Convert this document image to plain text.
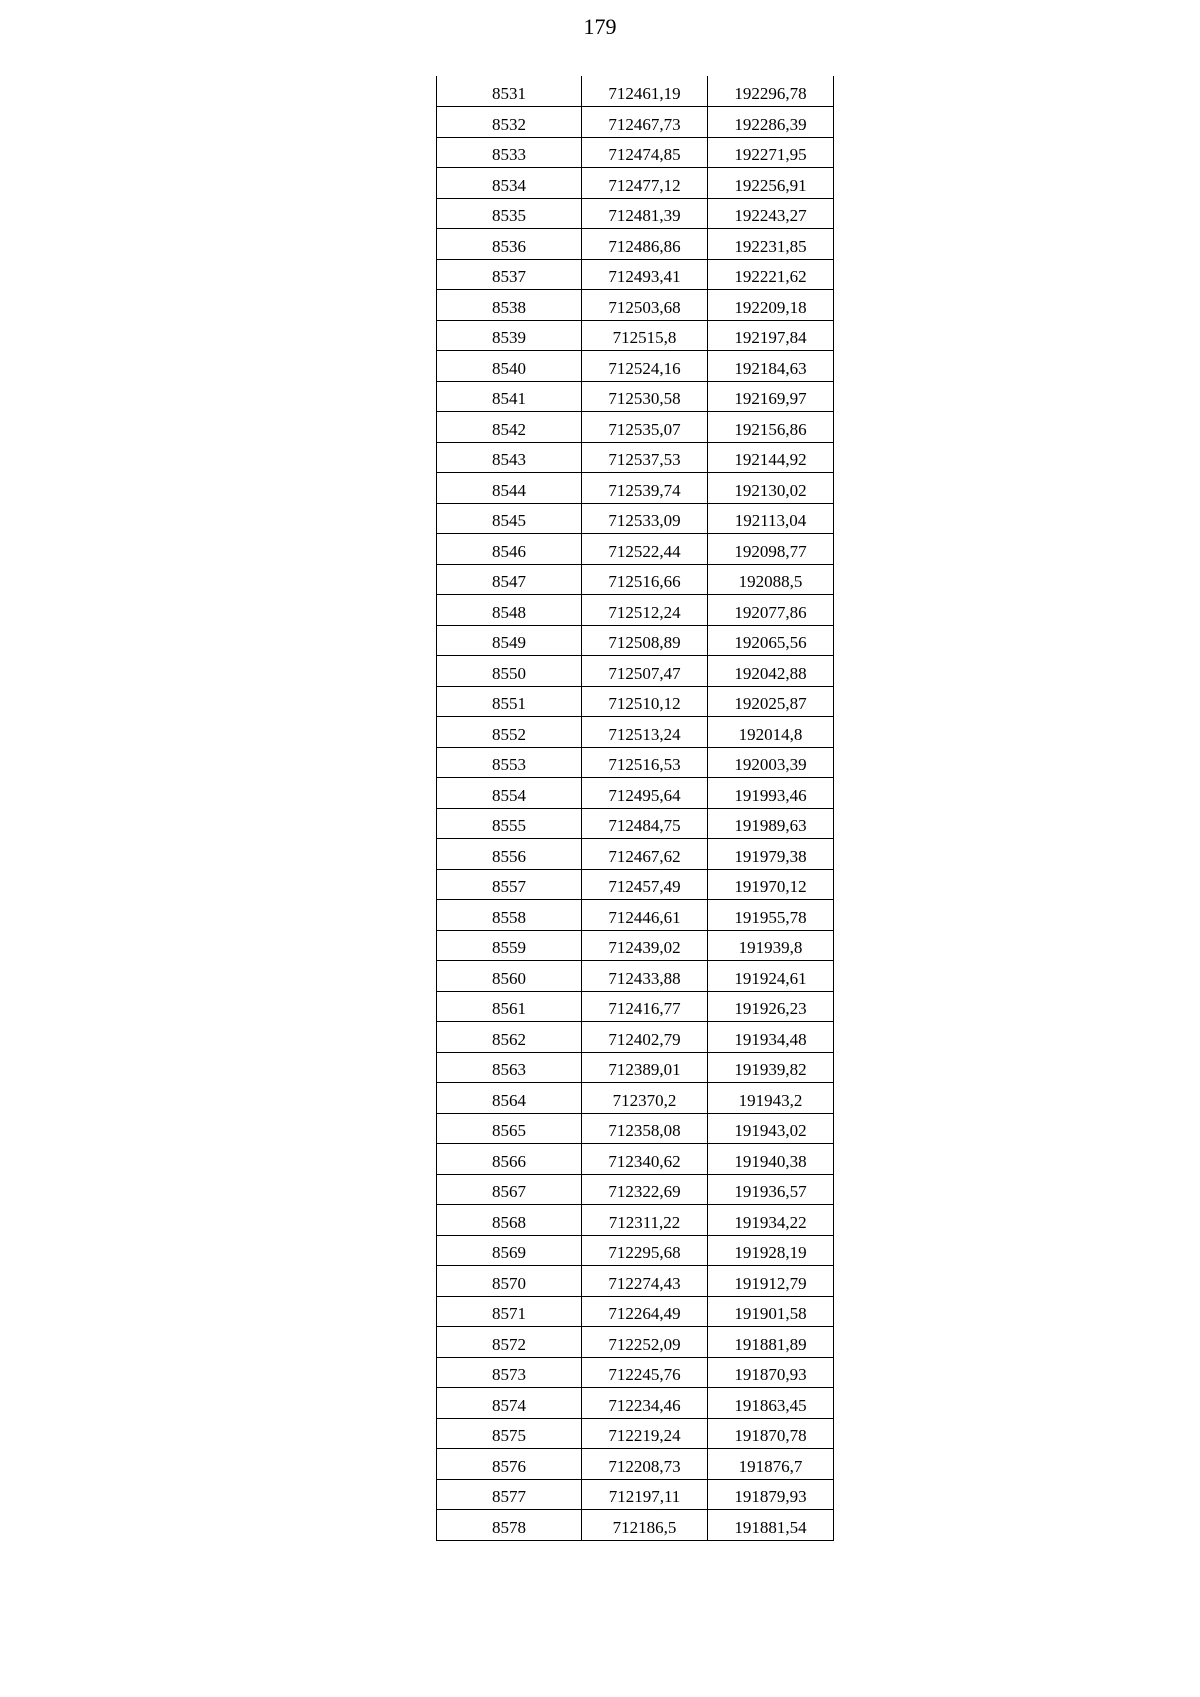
179
8531	712461,19	192296,78
8532	712467,73	192286,39
8533	712474,85	192271,95
8534	712477,12	192256,91
8535	712481,39	192243,27
8536	712486,86	192231,85
8537	712493,41	192221,62
8538	712503,68	192209,18
8539	712515,8	192197,84
8540	712524,16	192184,63
8541	712530,58	192169,97
8542	712535,07	192156,86
8543	712537,53	192144,92
8544	712539,74	192130,02
8545	712533,09	192113,04
8546	712522,44	192098,77
8547	712516,66	192088,5
8548	712512,24	192077,86
8549	712508,89	192065,56
8550	712507,47	192042,88
8551	712510,12	192025,87
8552	712513,24	192014,8
8553	712516,53	192003,39
8554	712495,64	191993,46
8555	712484,75	191989,63
8556	712467,62	191979,38
8557	712457,49	191970,12
8558	712446,61	191955,78
8559	712439,02	191939,8
8560	712433,88	191924,61
8561	712416,77	191926,23
8562	712402,79	191934,48
8563	712389,01	191939,82
8564	712370,2	191943,2
8565	712358,08	191943,02
8566	712340,62	191940,38
8567	712322,69	191936,57
8568	712311,22	191934,22
8569	712295,68	191928,19
8570	712274,43	191912,79
8571	712264,49	191901,58
8572	712252,09	191881,89
8573	712245,76	191870,93
8574	712234,46	191863,45
8575	712219,24	191870,78
8576	712208,73	191876,7
8577	712197,11	191879,93
8578	712186,5	191881,54
